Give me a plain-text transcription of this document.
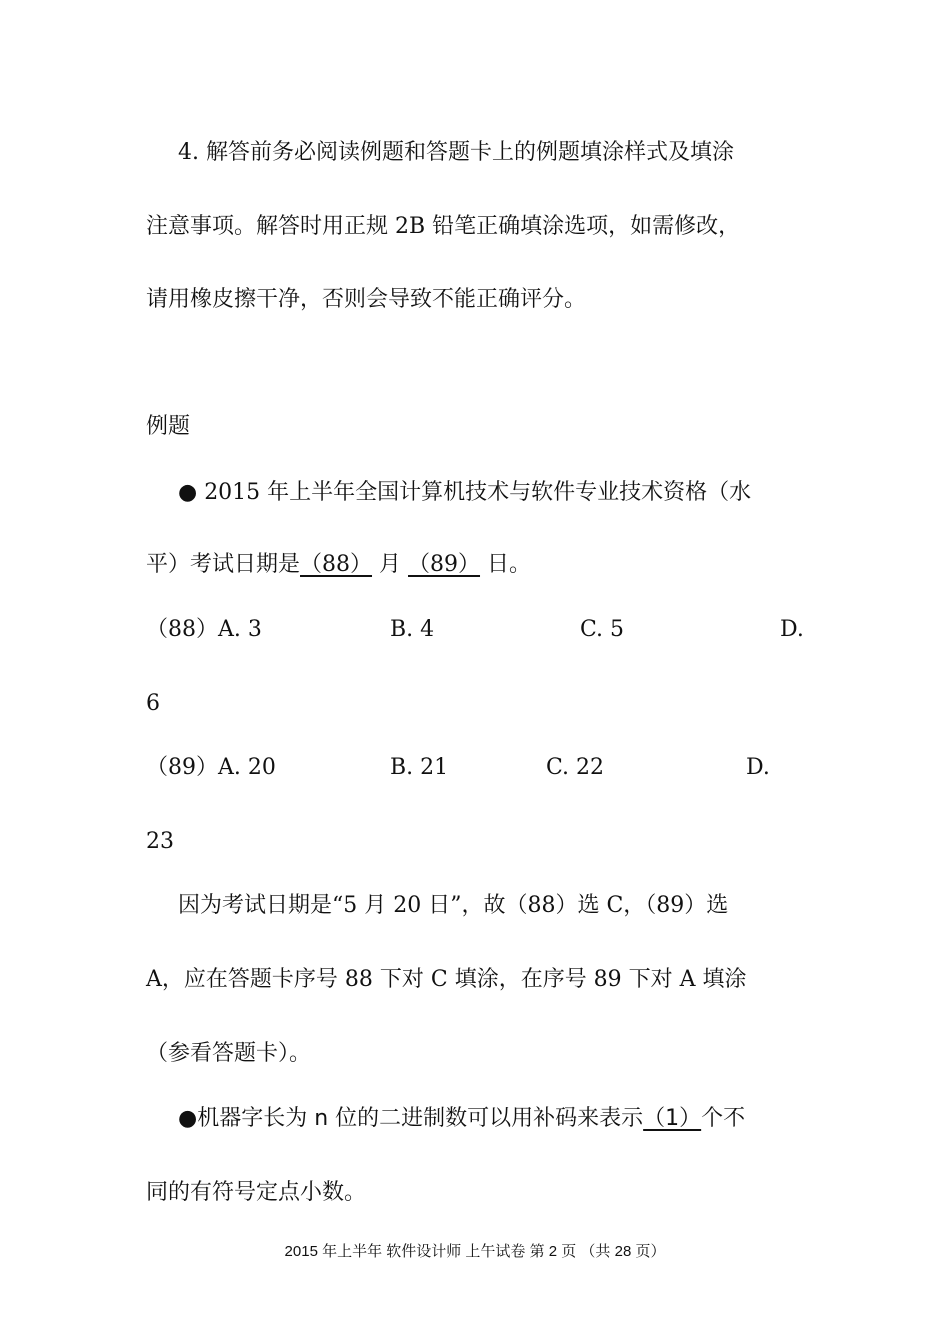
4. 解答前务必阅读例题和答题卡上的例题填涂样式及填涂
注意事项。解答时用正规 2B 铅笔正确填涂选项，如需修改，
请用橡皮擦干净，否则会导致不能正确评分。
例题
● 2015 年上半年全国计算机技术与软件专业技术资格（水
平）考试日期是（88） 月 （89） 日。
（88）A. 3	B. 4	C. 5	D.
6
（89）A. 20	B. 21	C. 22	D.
23
因为考试日期是“5 月 20 日”，故（88）选 C，（89）选
A，应在答题卡序号 88 下对 C 填涂，在序号 89 下对 A 填涂
（参看答题卡）。
●机器字长为 n 位的二进制数可以用补码来表示（1）个不
同的有符号定点小数。
2015 年上半年 软件设计师 上午试卷 第 2 页 （共 28 页）
